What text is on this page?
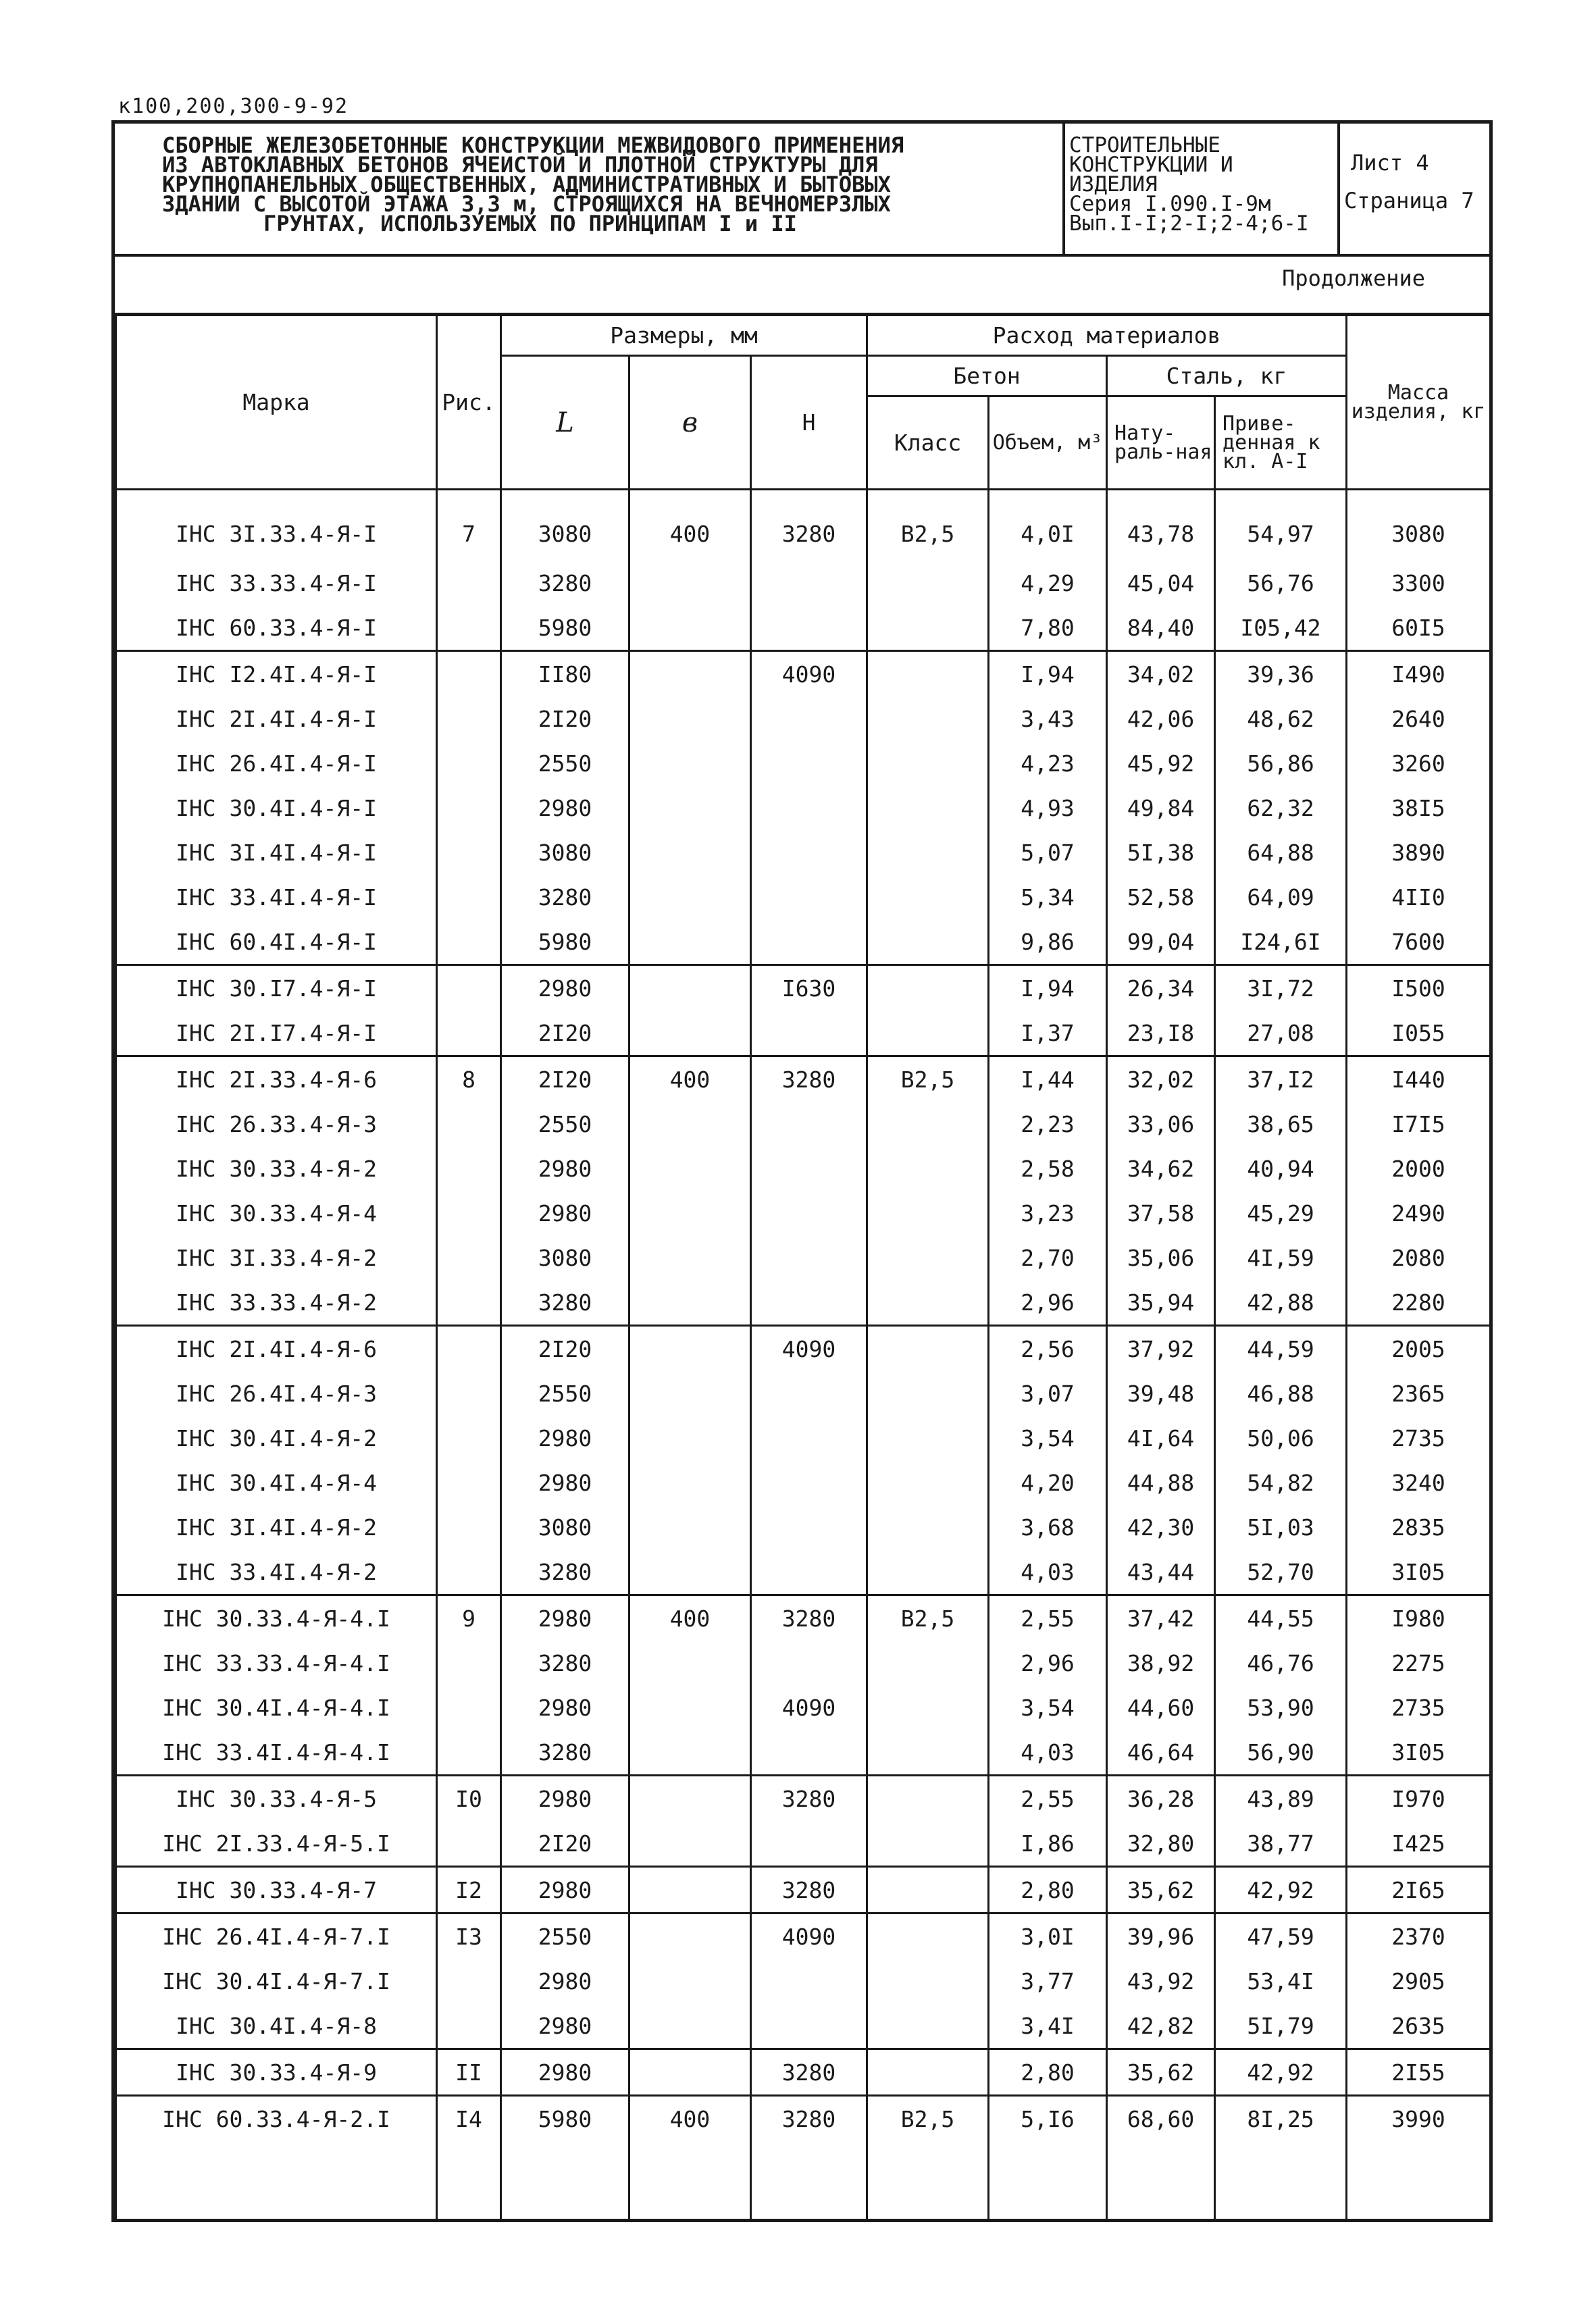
к100,200,300-9-92
СБОРНЫЕ ЖЕЛЕЗОБЕТОННЫЕ КОНСТРУКЦИИ МЕЖВИДОВОГО ПРИМЕНЕНИЯ
ИЗ АВТОКЛАВНЫХ БЕТОНОВ ЯЧЕИСТОЙ И ПЛОТНОЙ СТРУКТУРЫ ДЛЯ
КРУПНОПАНЕЛЬНЫХ ОБЩЕСТВЕННЫХ, АДМИНИСТРАТИВНЫХ И БЫТОВЫХ
ЗДАНИЙ С ВЫСОТОЙ ЭТАЖА 3,3 м, СТРОЯЩИХСЯ НА ВЕЧНОМЕРЗЛЫХ
ГРУНТАХ, ИСПОЛЬЗУЕМЫХ ПО ПРИНЦИПАМ I и II
СТРОИТЕЛЬНЫЕ
КОНСТРУКЦИИ И
ИЗДЕЛИЯ
Серия I.090.I-9м
Вып.I-I;2-I;2-4;6-I
Лист 4
Страница 7
Продолжение
Марка	Рис.	Размеры, мм			Расход материалов				Масса изделия, кг
		L	в	Н	Бетон		Сталь, кг		
					Класс	Объем, м³	Нату-раль-ная	Приве-денная к кл. А-I	
IНС 3I.33.4-Я-I	7	3080	400	3280	В2,5	4,0I	43,78	54,97	3080
IНС 33.33.4-Я-I		3280				4,29	45,04	56,76	3300
IНС 60.33.4-Я-I		5980				7,80	84,40	I05,42	60I5
IНС I2.4I.4-Я-I		II80		4090		I,94	34,02	39,36	I490
IНС 2I.4I.4-Я-I		2I20				3,43	42,06	48,62	2640
IНС 26.4I.4-Я-I		2550				4,23	45,92	56,86	3260
IНС 30.4I.4-Я-I		2980				4,93	49,84	62,32	38I5
IНС 3I.4I.4-Я-I		3080				5,07	5I,38	64,88	3890
IНС 33.4I.4-Я-I		3280				5,34	52,58	64,09	4II0
IНС 60.4I.4-Я-I		5980				9,86	99,04	I24,6I	7600
IНС 30.I7.4-Я-I		2980		I630		I,94	26,34	3I,72	I500
IНС 2I.I7.4-Я-I		2I20				I,37	23,I8	27,08	I055
IНС 2I.33.4-Я-6	8	2I20	400	3280	В2,5	I,44	32,02	37,I2	I440
IНС 26.33.4-Я-3		2550				2,23	33,06	38,65	I7I5
IНС 30.33.4-Я-2		2980				2,58	34,62	40,94	2000
IНС 30.33.4-Я-4		2980				3,23	37,58	45,29	2490
IНС 3I.33.4-Я-2		3080				2,70	35,06	4I,59	2080
IНС 33.33.4-Я-2		3280				2,96	35,94	42,88	2280
IНС 2I.4I.4-Я-6		2I20		4090		2,56	37,92	44,59	2005
IНС 26.4I.4-Я-3		2550				3,07	39,48	46,88	2365
IНС 30.4I.4-Я-2		2980				3,54	4I,64	50,06	2735
IНС 30.4I.4-Я-4		2980				4,20	44,88	54,82	3240
IНС 3I.4I.4-Я-2		3080				3,68	42,30	5I,03	2835
IНС 33.4I.4-Я-2		3280				4,03	43,44	52,70	3I05
IНС 30.33.4-Я-4.I	9	2980	400	3280	В2,5	2,55	37,42	44,55	I980
IНС 33.33.4-Я-4.I		3280				2,96	38,92	46,76	2275
IНС 30.4I.4-Я-4.I		2980		4090		3,54	44,60	53,90	2735
IНС 33.4I.4-Я-4.I		3280				4,03	46,64	56,90	3I05
IНС 30.33.4-Я-5	I0	2980		3280		2,55	36,28	43,89	I970
IНС 2I.33.4-Я-5.I		2I20				I,86	32,80	38,77	I425
IНС 30.33.4-Я-7	I2	2980		3280		2,80	35,62	42,92	2I65
IНС 26.4I.4-Я-7.I	I3	2550		4090		3,0I	39,96	47,59	2370
IНС 30.4I.4-Я-7.I		2980				3,77	43,92	53,4I	2905
IНС 30.4I.4-Я-8		2980				3,4I	42,82	5I,79	2635
IНС 30.33.4-Я-9	II	2980		3280		2,80	35,62	42,92	2I55
IНС 60.33.4-Я-2.I	I4	5980	400	3280	В2,5	5,I6	68,60	8I,25	3990
